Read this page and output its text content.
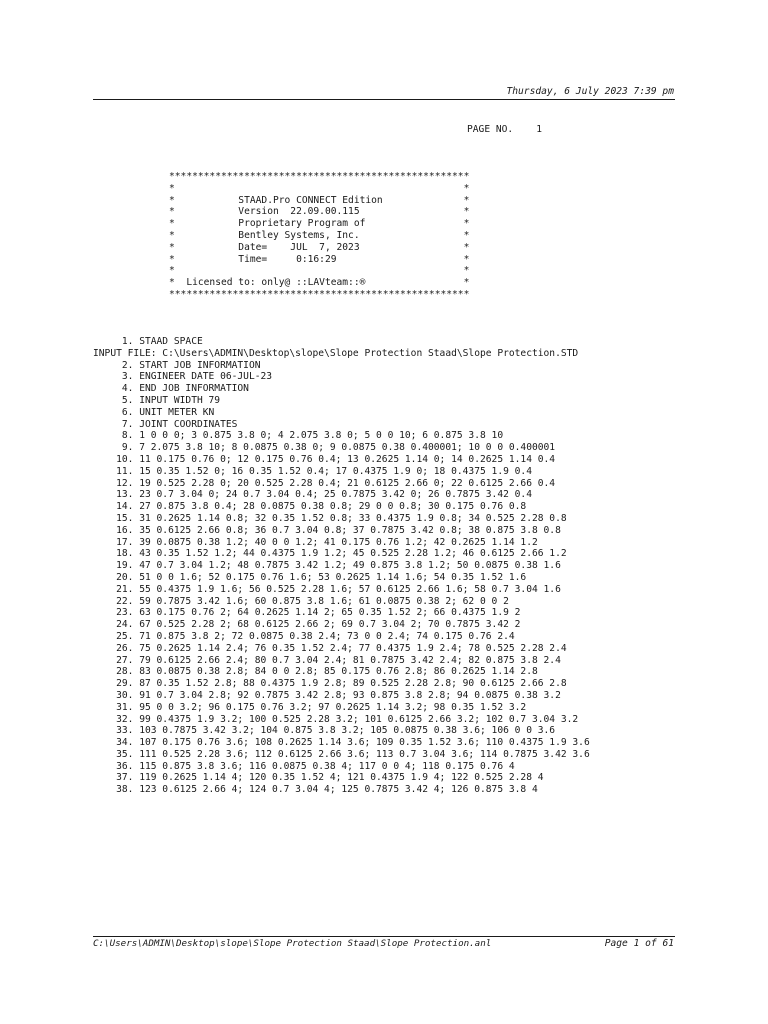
Thursday, 6 July 2023 7:39 pm
PAGE NO.    1
****************************************************
*                                                  *
*           STAAD.Pro CONNECT Edition              *
*           Version  22.09.00.115                  *
*           Proprietary Program of                 *
*           Bentley Systems, Inc.                  *
*           Date=    JUL  7, 2023                  *
*           Time=     0:16:29                      *
*                                                  *
*  Licensed to: only@ ::LAVteam::®                 *
****************************************************
1. STAAD SPACE
INPUT FILE: C:\Users\ADMIN\Desktop\slope\Slope Protection Staad\Slope Protection.STD
2. START JOB INFORMATION
3. ENGINEER DATE 06-JUL-23
4. END JOB INFORMATION
5. INPUT WIDTH 79
6. UNIT METER KN
7. JOINT COORDINATES
8. 1 0 0 0; 3 0.875 3.8 0; 4 2.075 3.8 0; 5 0 0 10; 6 0.875 3.8 10
9. 7 2.075 3.8 10; 8 0.0875 0.38 0; 9 0.0875 0.38 0.400001; 10 0 0 0.400001
10. 11 0.175 0.76 0; 12 0.175 0.76 0.4; 13 0.2625 1.14 0; 14 0.2625 1.14 0.4
11. 15 0.35 1.52 0; 16 0.35 1.52 0.4; 17 0.4375 1.9 0; 18 0.4375 1.9 0.4
12. 19 0.525 2.28 0; 20 0.525 2.28 0.4; 21 0.6125 2.66 0; 22 0.6125 2.66 0.4
13. 23 0.7 3.04 0; 24 0.7 3.04 0.4; 25 0.7875 3.42 0; 26 0.7875 3.42 0.4
14. 27 0.875 3.8 0.4; 28 0.0875 0.38 0.8; 29 0 0 0.8; 30 0.175 0.76 0.8
15. 31 0.2625 1.14 0.8; 32 0.35 1.52 0.8; 33 0.4375 1.9 0.8; 34 0.525 2.28 0.8
16. 35 0.6125 2.66 0.8; 36 0.7 3.04 0.8; 37 0.7875 3.42 0.8; 38 0.875 3.8 0.8
17. 39 0.0875 0.38 1.2; 40 0 0 1.2; 41 0.175 0.76 1.2; 42 0.2625 1.14 1.2
18. 43 0.35 1.52 1.2; 44 0.4375 1.9 1.2; 45 0.525 2.28 1.2; 46 0.6125 2.66 1.2
19. 47 0.7 3.04 1.2; 48 0.7875 3.42 1.2; 49 0.875 3.8 1.2; 50 0.0875 0.38 1.6
20. 51 0 0 1.6; 52 0.175 0.76 1.6; 53 0.2625 1.14 1.6; 54 0.35 1.52 1.6
21. 55 0.4375 1.9 1.6; 56 0.525 2.28 1.6; 57 0.6125 2.66 1.6; 58 0.7 3.04 1.6
22. 59 0.7875 3.42 1.6; 60 0.875 3.8 1.6; 61 0.0875 0.38 2; 62 0 0 2
23. 63 0.175 0.76 2; 64 0.2625 1.14 2; 65 0.35 1.52 2; 66 0.4375 1.9 2
24. 67 0.525 2.28 2; 68 0.6125 2.66 2; 69 0.7 3.04 2; 70 0.7875 3.42 2
25. 71 0.875 3.8 2; 72 0.0875 0.38 2.4; 73 0 0 2.4; 74 0.175 0.76 2.4
26. 75 0.2625 1.14 2.4; 76 0.35 1.52 2.4; 77 0.4375 1.9 2.4; 78 0.525 2.28 2.4
27. 79 0.6125 2.66 2.4; 80 0.7 3.04 2.4; 81 0.7875 3.42 2.4; 82 0.875 3.8 2.4
28. 83 0.0875 0.38 2.8; 84 0 0 2.8; 85 0.175 0.76 2.8; 86 0.2625 1.14 2.8
29. 87 0.35 1.52 2.8; 88 0.4375 1.9 2.8; 89 0.525 2.28 2.8; 90 0.6125 2.66 2.8
30. 91 0.7 3.04 2.8; 92 0.7875 3.42 2.8; 93 0.875 3.8 2.8; 94 0.0875 0.38 3.2
31. 95 0 0 3.2; 96 0.175 0.76 3.2; 97 0.2625 1.14 3.2; 98 0.35 1.52 3.2
32. 99 0.4375 1.9 3.2; 100 0.525 2.28 3.2; 101 0.6125 2.66 3.2; 102 0.7 3.04 3.2
33. 103 0.7875 3.42 3.2; 104 0.875 3.8 3.2; 105 0.0875 0.38 3.6; 106 0 0 3.6
34. 107 0.175 0.76 3.6; 108 0.2625 1.14 3.6; 109 0.35 1.52 3.6; 110 0.4375 1.9 3.6
35. 111 0.525 2.28 3.6; 112 0.6125 2.66 3.6; 113 0.7 3.04 3.6; 114 0.7875 3.42 3.6
36. 115 0.875 3.8 3.6; 116 0.0875 0.38 4; 117 0 0 4; 118 0.175 0.76 4
37. 119 0.2625 1.14 4; 120 0.35 1.52 4; 121 0.4375 1.9 4; 122 0.525 2.28 4
38. 123 0.6125 2.66 4; 124 0.7 3.04 4; 125 0.7875 3.42 4; 126 0.875 3.8 4
C:\Users\ADMIN\Desktop\slope\Slope Protection Staad\Slope Protection.anl	Page 1 of 61
